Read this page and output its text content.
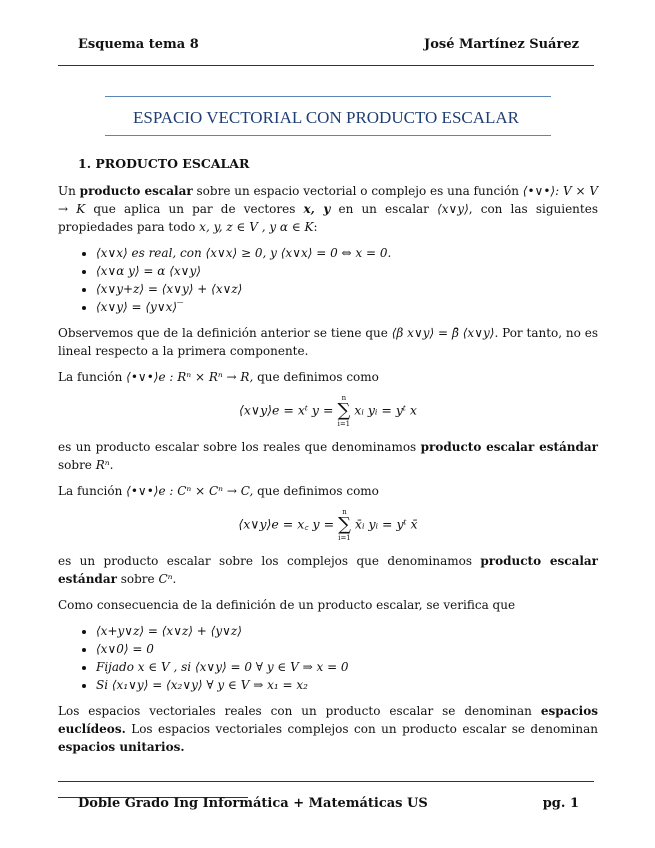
Esquema tema 8	José Martínez Suárez
ESPACIO VECTORIAL CON PRODUCTO ESCALAR
1. PRODUCTO ESCALAR

Un producto escalar sobre un espacio vectorial o complejo es una función ⟨•∨•⟩: V × V → K que aplica un par de vectores x, y en un escalar ⟨x∨y⟩, con las siguientes propiedades para todo x, y, z ∈ V , y α ∈ K:

• ⟨x∨x⟩ es real, con ⟨x∨x⟩ ≥ 0, y ⟨x∨x⟩ = 0 ⇔ x = 0.
• ⟨x∨α y⟩ = α ⟨x∨y⟩
• ⟨x∨y+z⟩ = ⟨x∨y⟩ + ⟨x∨z⟩
• ⟨x∨y⟩ = ⟨y∨x⟩‾

Observemos que de la definición anterior se tiene que ⟨β x∨y⟩ = β̄ ⟨x∨y⟩. Por tanto, no es lineal respecto a la primera componente.

La función ⟨•∨•⟩e : Rⁿ × Rⁿ → R, que definimos como

⟨x∨y⟩e = xᵗ y =
n
∑
i=1
xᵢ yᵢ = yᵗ x

es un producto escalar sobre los reales que denominamos producto escalar estándar sobre Rⁿ.

La función ⟨•∨•⟩e : Cⁿ × Cⁿ → C, que definimos como

⟨x∨y⟩e = x꜀ y =
n
∑
i=1
x̄ᵢ yᵢ = yᵗ x̄

es un producto escalar sobre los complejos que denominamos producto escalar estándar sobre Cⁿ.

Como consecuencia de la definición de un producto escalar, se verifica que

• ⟨x+y∨z⟩ = ⟨x∨z⟩ + ⟨y∨z⟩
• ⟨x∨0⟩ = 0
• Fijado x ∈ V , si ⟨x∨y⟩ = 0 ∀ y ∈ V ⇒ x = 0
• Si ⟨x₁∨y⟩ = ⟨x₂∨y⟩ ∀ y ∈ V ⇒ x₁ = x₂

Los espacios vectoriales reales con un producto escalar se denominan espacios euclídeos. Los espacios vectoriales complejos con un producto escalar se denominan espacios unitarios.

Doble Grado Ing Informática + Matemáticas US	pg. 1
